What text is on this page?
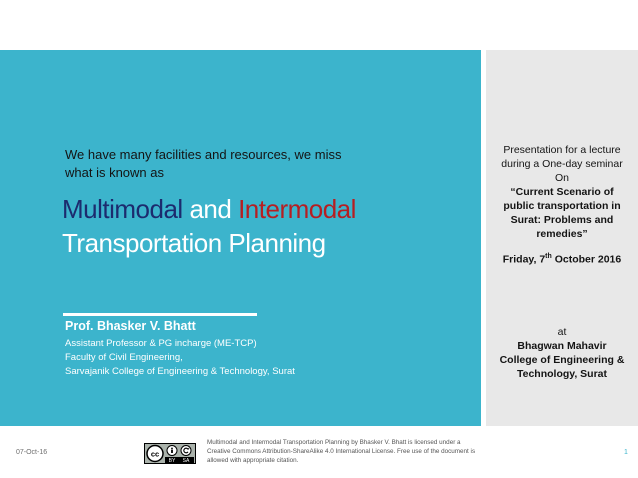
We have many facilities and resources, we miss
what is known as
Multimodal and Intermodal
Transportation Planning
Prof. Bhasker V. Bhatt
Assistant Professor & PG incharge (ME-TCP)
Faculty of Civil Engineering,
Sarvajanik College of Engineering & Technology, Surat
Presentation for a lecture
during a One-day seminar
On
“Current Scenario of
public transportation in
Surat: Problems and
remedies”
Friday, 7th October 2016
at
Bhagwan Mahavir
College of Engineering &
Technology, Surat
07-Oct-16	cc
BY SA
Multimodal and Intermodal Transportation Planning by Bhasker V. Bhatt is licensed under a
Creative Commons Attribution-ShareAlike 4.0 International License. Free use of the document is
allowed with appropriate citation.
1
